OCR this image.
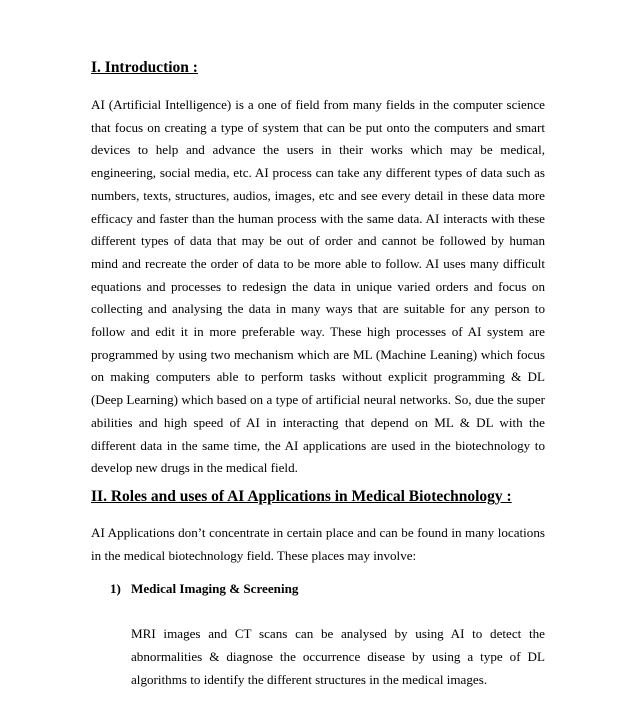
I. Introduction :

AI (Artificial Intelligence) is a one of field from many fields in the computer science that focus on creating a type of system that can be put onto the computers and smart devices to help and advance the users in their works which may be medical, engineering, social media, etc. AI process can take any different types of data such as numbers, texts, structures, audios, images, etc and see every detail in these data more efficacy and faster than the human process with the same data. AI interacts with these different types of data that may be out of order and cannot be followed by human mind and recreate the order of data to be more able to follow. AI uses many difficult equations and processes to redesign the data in unique varied orders and focus on collecting and analysing the data in many ways that are suitable for any person to follow and edit it in more preferable way. These high processes of AI system are programmed by using two mechanism which are ML (Machine Leaning) which focus on making computers able to perform tasks without explicit programming & DL (Deep Learning) which based on a type of artificial neural networks. So, due the super abilities and high speed of AI in interacting that depend on ML & DL with the different data in the same time, the AI applications are used in the biotechnology to develop new drugs in the medical field.

II. Roles and uses of AI Applications in Medical Biotechnology :

AI Applications don’t concentrate in certain place and can be found in many locations in the medical biotechnology field. These places may involve:

1) Medical Imaging & Screening

MRI images and CT scans can be analysed by using AI to detect the abnormalities & diagnose the occurrence disease by using a type of DL algorithms to identify the different structures in the medical images.
